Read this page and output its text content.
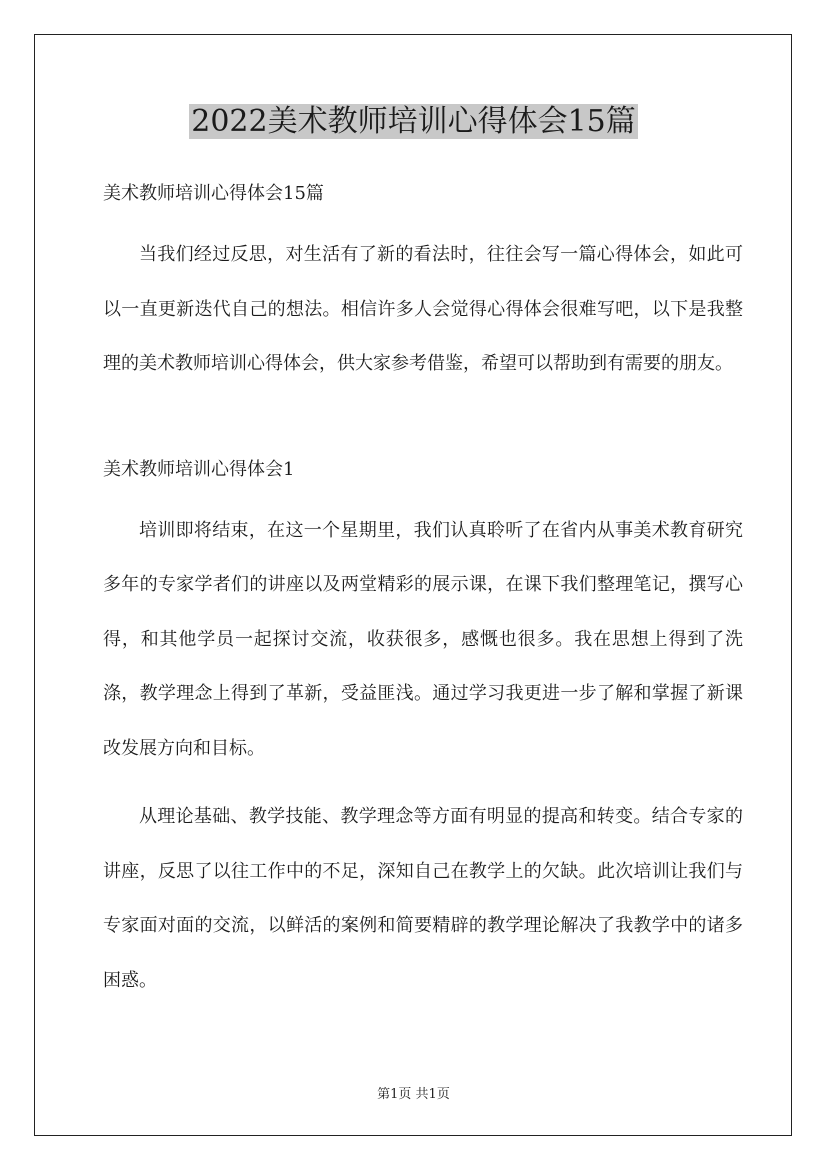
2022美术教师培训心得体会15篇

美术教师培训心得体会15篇

当我们经过反思，对生活有了新的看法时，往往会写一篇心得体会，如此可以一直更新迭代自己的想法。相信许多人会觉得心得体会很难写吧，以下是我整理的美术教师培训心得体会，供大家参考借鉴，希望可以帮助到有需要的朋友。

美术教师培训心得体会1

培训即将结束，在这一个星期里，我们认真聆听了在省内从事美术教育研究多年的专家学者们的讲座以及两堂精彩的展示课，在课下我们整理笔记，撰写心得，和其他学员一起探讨交流，收获很多，感慨也很多。我在思想上得到了洗涤，教学理念上得到了革新，受益匪浅。通过学习我更进一步了解和掌握了新课改发展方向和目标。

从理论基础、教学技能、教学理念等方面有明显的提高和转变。结合专家的讲座，反思了以往工作中的不足，深知自己在教学上的欠缺。此次培训让我们与专家面对面的交流，以鲜活的案例和简要精辟的教学理论解决了我教学中的诸多困惑。

第1页 共1页
